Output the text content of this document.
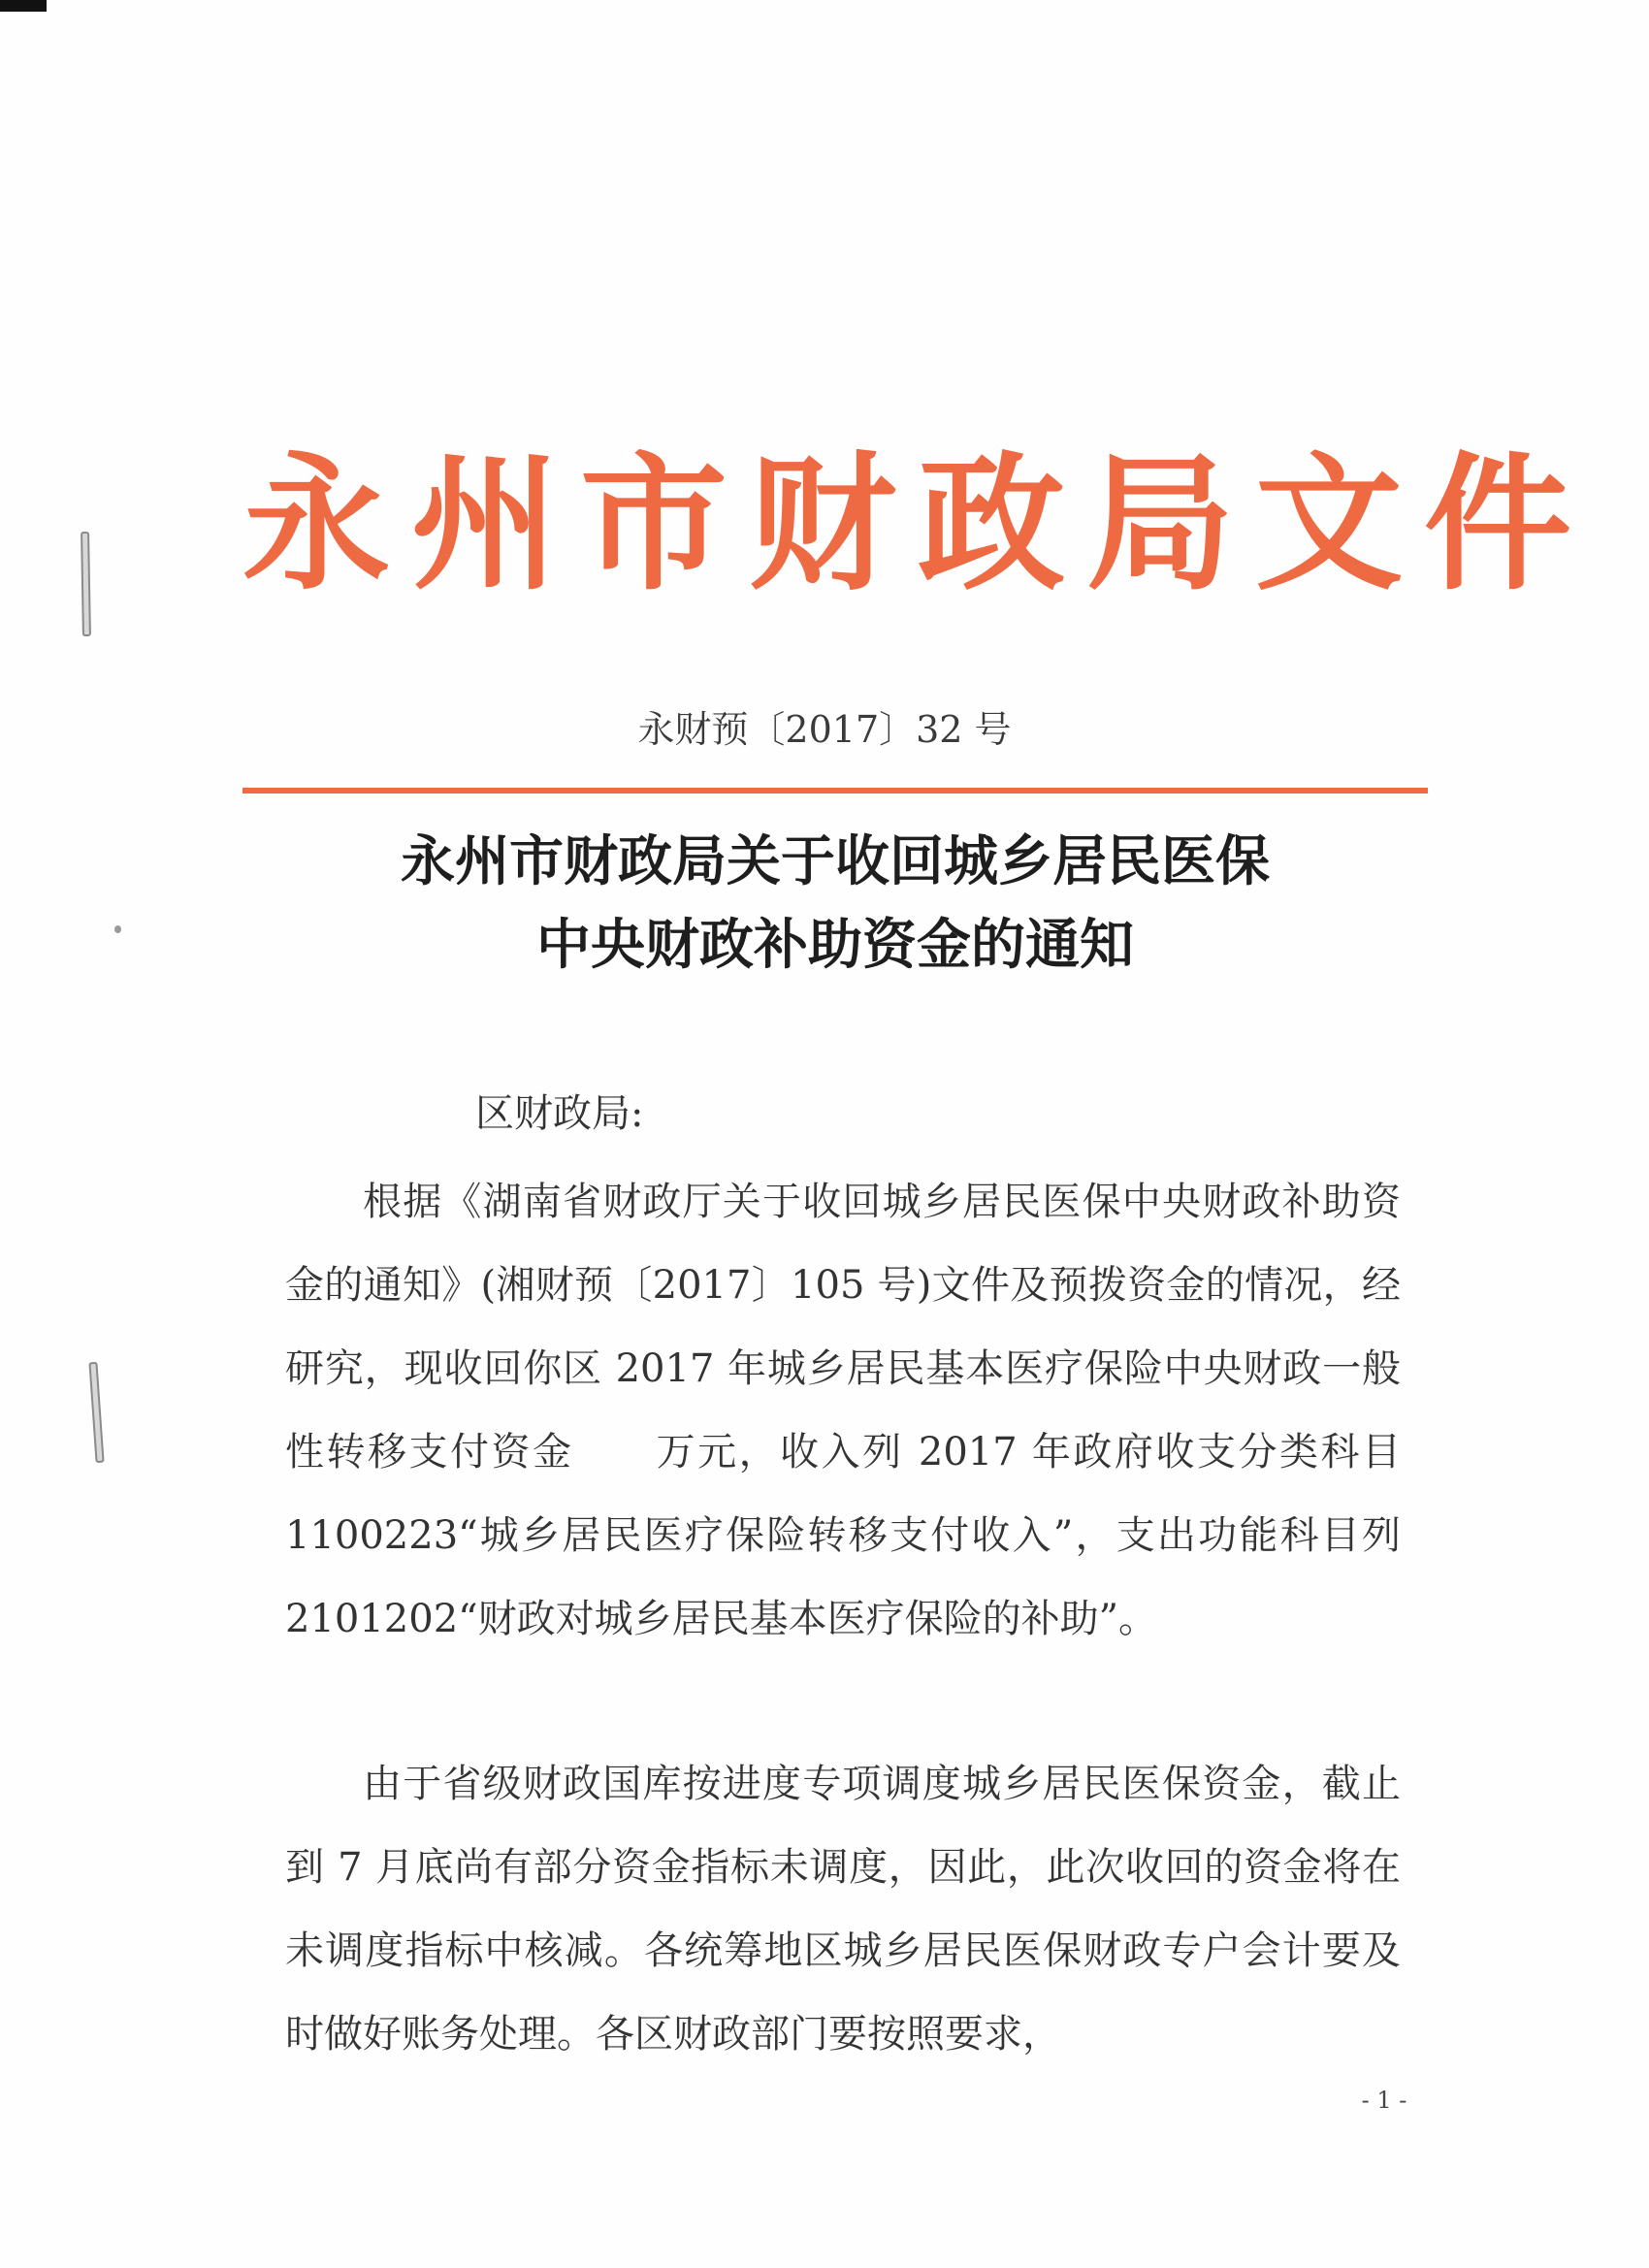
永州市财政局文件
永财预〔2017〕32 号
永州市财政局关于收回城乡居民医保
中央财政补助资金的通知
区财政局:

根据《湖南省财政厅关于收回城乡居民医保中央财政补助资金的通知》(湘财预〔2017〕105 号)文件及预拨资金的情况，经研究，现收回你区 2017 年城乡居民基本医疗保险中央财政一般性转移支付资金　　万元，收入列 2017 年政府收支分类科目 1100223“城乡居民医疗保险转移支付收入”，支出功能科目列 2101202“财政对城乡居民基本医疗保险的补助”。

由于省级财政国库按进度专项调度城乡居民医保资金，截止到 7 月底尚有部分资金指标未调度，因此，此次收回的资金将在未调度指标中核减。各统筹地区城乡居民医保财政专户会计要及时做好账务处理。各区财政部门要按照要求，

- 1 -
